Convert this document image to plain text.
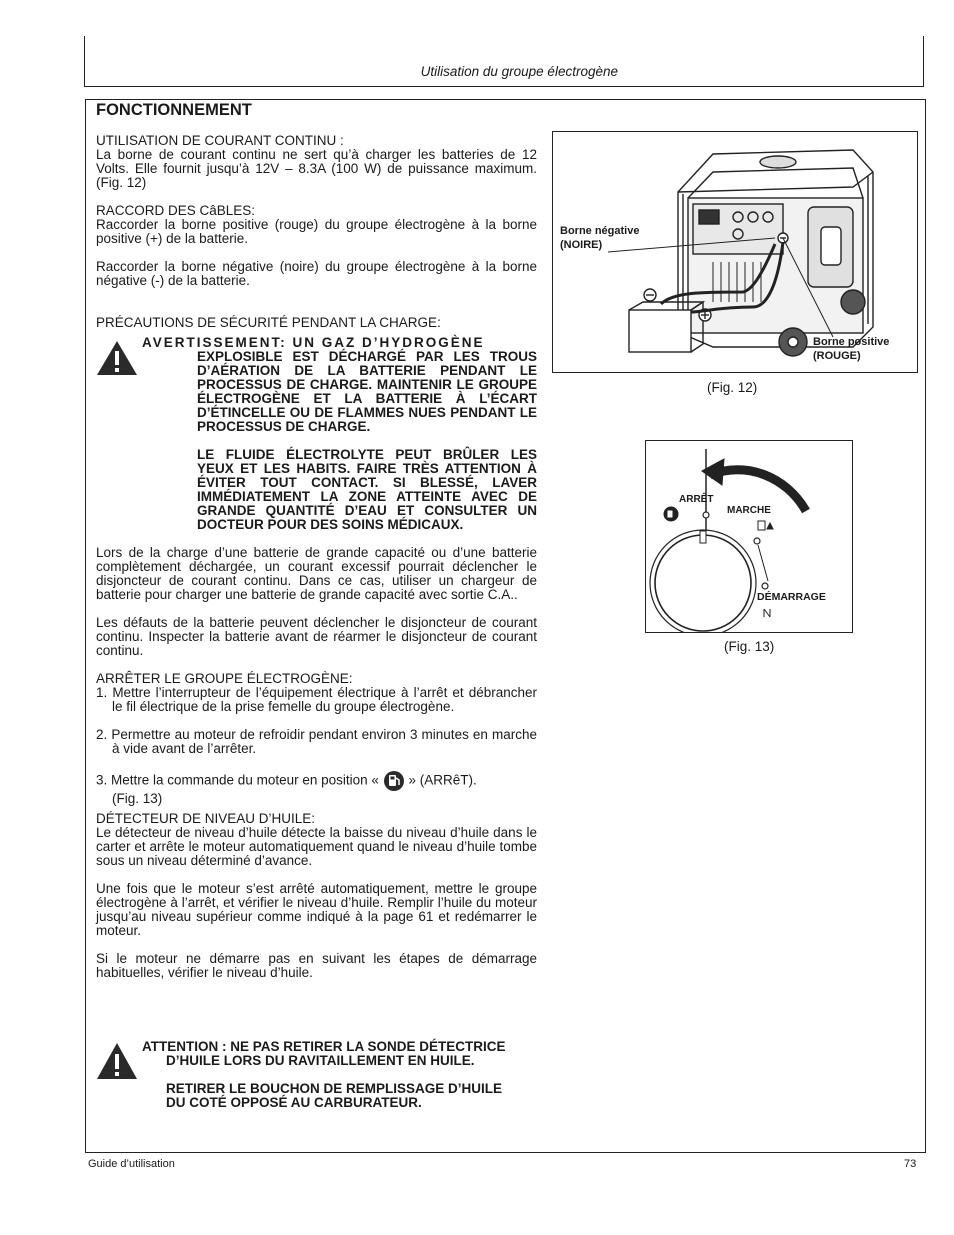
Utilisation du groupe électrogène
FONCTIONNEMENT

UTILISATION DE COURANT CONTINU :

La borne de courant continu ne sert qu’à charger les batteries de 12 Volts. Elle fournit jusqu’à 12V – 8.3A (100 W) de puissance maximum. (Fig. 12)

RACCORD DES CâBLES:

Raccorder la borne positive (rouge) du groupe électrogène à la borne positive (+) de la batterie.

Raccorder la borne négative (noire) du groupe électrogène à la borne négative (-) de la batterie.

PRÉCAUTIONS DE SÉCURITÉ PENDANT LA CHARGE:

AVERTISSEMENT: UN GAZ D’HYDROGÈNE
EXPLOSIBLE EST DÉCHARGÉ PAR LES TROUS D’AÉRATION DE LA BATTERIE PENDANT LE PROCESSUS DE CHARGE. MAINTENIR LE GROUPE ÉLECTROGÈNE ET LA BATTERIE À L’ÉCART D’ÉTINCELLE OU DE FLAMMES NUES PENDANT LE PROCESSUS DE CHARGE.
LE FLUIDE ÉLECTROLYTE PEUT BRÛLER LES YEUX ET LES HABITS. FAIRE TRÈS ATTENTION À ÉVITER TOUT CONTACT. SI BLESSÉ, LAVER IMMÉDIATEMENT LA ZONE ATTEINTE AVEC DE GRANDE QUANTITÉ D’EAU ET CONSULTER UN DOCTEUR POUR DES SOINS MÉDICAUX.

Lors de la charge d’une batterie de grande capacité ou d’une batterie complètement déchargée, un courant excessif pourrait déclencher le disjoncteur de courant continu. Dans ce cas, utiliser un chargeur de batterie pour charger une batterie de grande capacité avec sortie C.A..

Les défauts de la batterie peuvent déclencher le disjoncteur de courant continu. Inspecter la batterie avant de réarmer le disjoncteur de courant continu.

ARRÊTER LE GROUPE ÉLECTROGÈNE:

1. Mettre l’interrupteur de l’équipement électrique à l’arrêt et débrancher le fil électrique de la prise femelle du groupe électrogène.

2. Permettre au moteur de refroidir pendant environ 3 minutes en marche à vide avant de l’arrêter.

3. Mettre la commande du moteur en position « » (ARRêT).
(Fig. 13)

DÉTECTEUR DE NIVEAU D’HUILE:

Le détecteur de niveau d’huile détecte la baisse du niveau d’huile dans le carter et arrête le moteur automatiquement quand le niveau d’huile tombe sous un niveau déterminé d’avance.

Une fois que le moteur s’est arrêté automatiquement, mettre le groupe électrogène à l’arrêt, et vérifier le niveau d’huile. Remplir l’huile du moteur jusqu’au niveau supérieur comme indiqué à la page 61 et redémarrer le moteur.

Si le moteur ne démarre pas en suivant les étapes de démarrage habituelles, vérifier le niveau d’huile.

ATTENTION : NE PAS RETIRER LA SONDE DÉTECTRICE
D’HUILE LORS DU RAVITAILLEMENT EN HUILE.
RETIRER LE BOUCHON DE REMPLISSAGE D’HUILE
DU COTÉ OPPOSÉ AU CARBURATEUR.
Borne négative
(NOIRE)
Borne positive
(ROUGE)
(Fig. 12)
ARRÊT
MARCHE
DÉMARRAGE
(Fig. 13)
Guide d’utilisation	73
